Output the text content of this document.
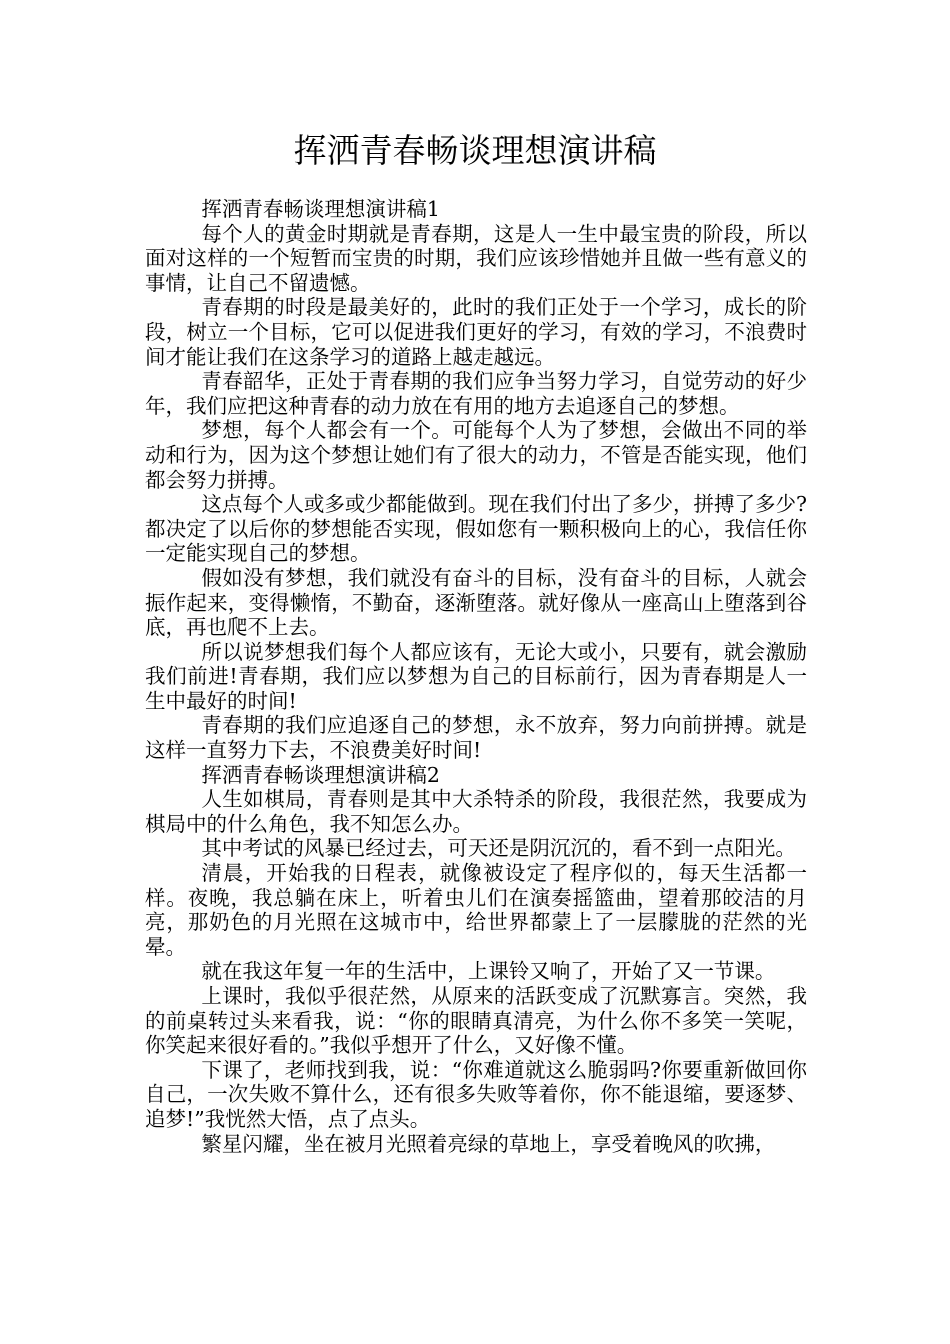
挥洒青春畅谈理想演讲稿

挥洒青春畅谈理想演讲稿1

每个人的黄金时期就是青春期，这是人一生中最宝贵的阶段，所以面对这样的一个短暂而宝贵的时期，我们应该珍惜她并且做一些有意义的事情，让自己不留遗憾。

青春期的时段是最美好的，此时的我们正处于一个学习，成长的阶段，树立一个目标，它可以促进我们更好的学习，有效的学习，不浪费时间才能让我们在这条学习的道路上越走越远。

青春韶华，正处于青春期的我们应争当努力学习，自觉劳动的好少年，我们应把这种青春的动力放在有用的地方去追逐自己的梦想。

梦想，每个人都会有一个。可能每个人为了梦想，会做出不同的举动和行为，因为这个梦想让她们有了很大的动力，不管是否能实现，他们都会努力拼搏。

这点每个人或多或少都能做到。现在我们付出了多少，拼搏了多少?都决定了以后你的梦想能否实现，假如您有一颗积极向上的心，我信任你一定能实现自己的梦想。

假如没有梦想，我们就没有奋斗的目标，没有奋斗的目标，人就会振作起来，变得懒惰，不勤奋，逐渐堕落。就好像从一座高山上堕落到谷底，再也爬不上去。

所以说梦想我们每个人都应该有，无论大或小，只要有，就会激励我们前进!青春期，我们应以梦想为自己的目标前行，因为青春期是人一生中最好的时间!

青春期的我们应追逐自己的梦想，永不放弃，努力向前拼搏。就是这样一直努力下去，不浪费美好时间!

挥洒青春畅谈理想演讲稿2

人生如棋局，青春则是其中大杀特杀的阶段，我很茫然，我要成为棋局中的什么角色，我不知怎么办。

其中考试的风暴已经过去，可天还是阴沉沉的，看不到一点阳光。

清晨，开始我的日程表，就像被设定了程序似的，每天生活都一样。夜晚，我总躺在床上，听着虫儿们在演奏摇篮曲，望着那皎洁的月亮，那奶色的月光照在这城市中，给世界都蒙上了一层朦胧的茫然的光晕。

就在我这年复一年的生活中，上课铃又响了，开始了又一节课。

上课时，我似乎很茫然，从原来的活跃变成了沉默寡言。突然，我的前桌转过头来看我，说：“你的眼睛真清亮，为什么你不多笑一笑呢，你笑起来很好看的。”我似乎想开了什么，又好像不懂。

下课了，老师找到我，说：“你难道就这么脆弱吗?你要重新做回你自己，一次失败不算什么，还有很多失败等着你，你不能退缩，要逐梦、追梦!”我恍然大悟，点了点头。

繁星闪耀，坐在被月光照着亮绿的草地上，享受着晚风的吹拂，
